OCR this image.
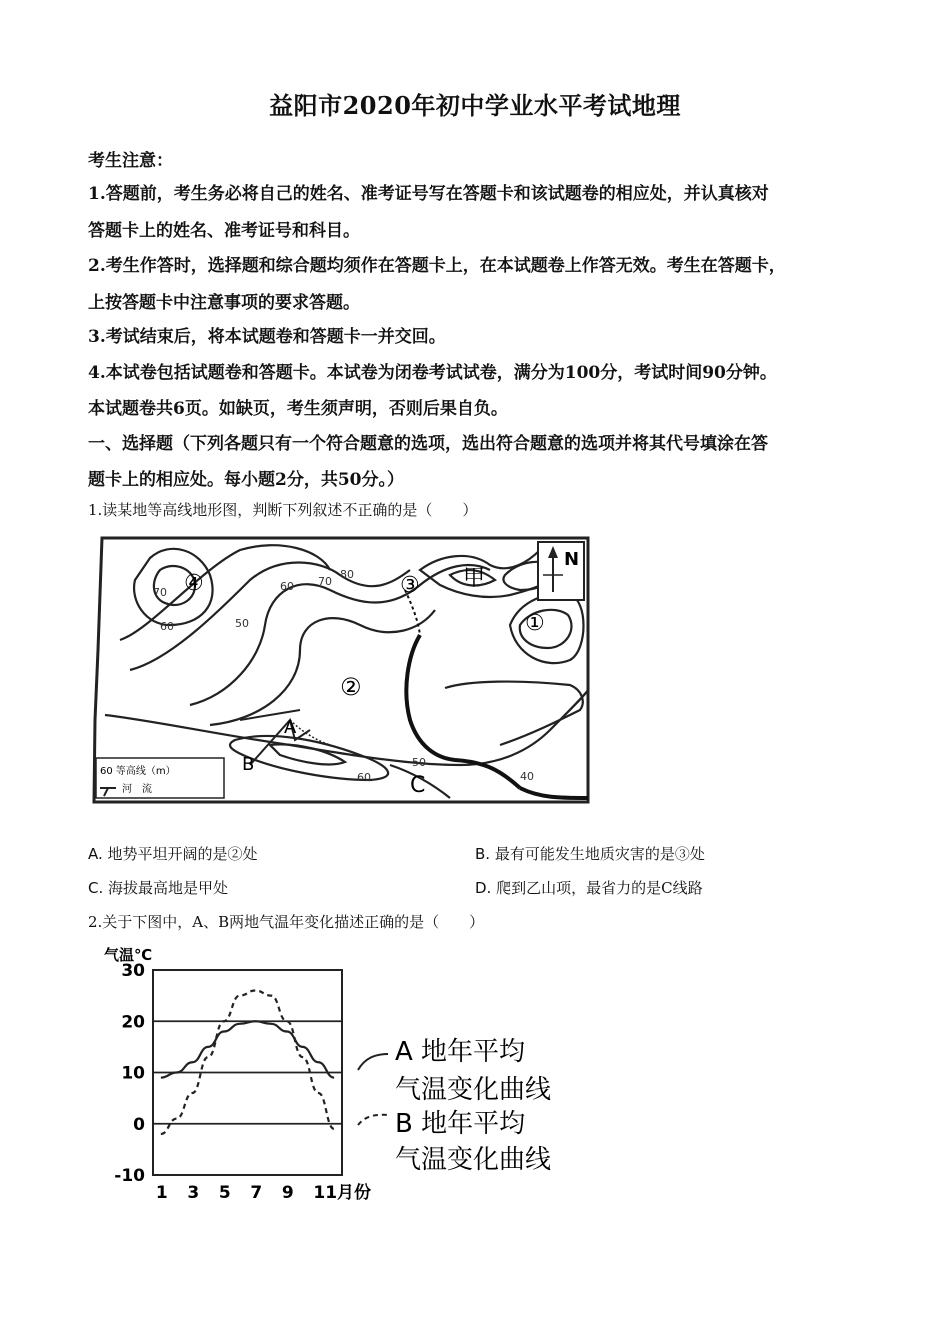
益阳市2020年初中学业水平考试地理
考生注意：
1.答题前，考生务必将自己的姓名、准考证号写在答题卡和该试题卷的相应处，并认真核对
答题卡上的姓名、准考证号和科目。
2.考生作答时，选择题和综合题均须作在答题卡上，在本试题卷上作答无效。考生在答题卡，
上按答题卡中注意事项的要求答题。
3.考试结束后，将本试题卷和答题卡一并交回。
4.本试卷包括试题卷和答题卡。本试卷为闭卷考试试卷，满分为100分，考试时间90分钟。
本试题卷共6页。如缺页，考生须声明，否则后果自负。
一、选择题（下列各题只有一个符合题意的选项，选出符合题意的选项并将其代号填涂在答
题卡上的相应处。每小题2分，共50分。）
1.读某地等高线地形图，判断下列叙述不正确的是（　　）
N
④	③ 甲
①
②
A
B
C
70
60
60
50
70
80
60
50
40
60 等高线（m）
河　流
A. 地势平坦开阔的是②处	B. 最有可能发生地质灾害的是③处
C. 海拔最高地是甲处	D. 爬到乙山项，最省力的是C线路
2.关于下图中，A、B两地气温年变化描述正确的是（　　）
气温℃
30
20
10
0
-10
1 3 5 7 9 11月份
A 地年平均
气温变化曲线
B 地年平均
气温变化曲线
